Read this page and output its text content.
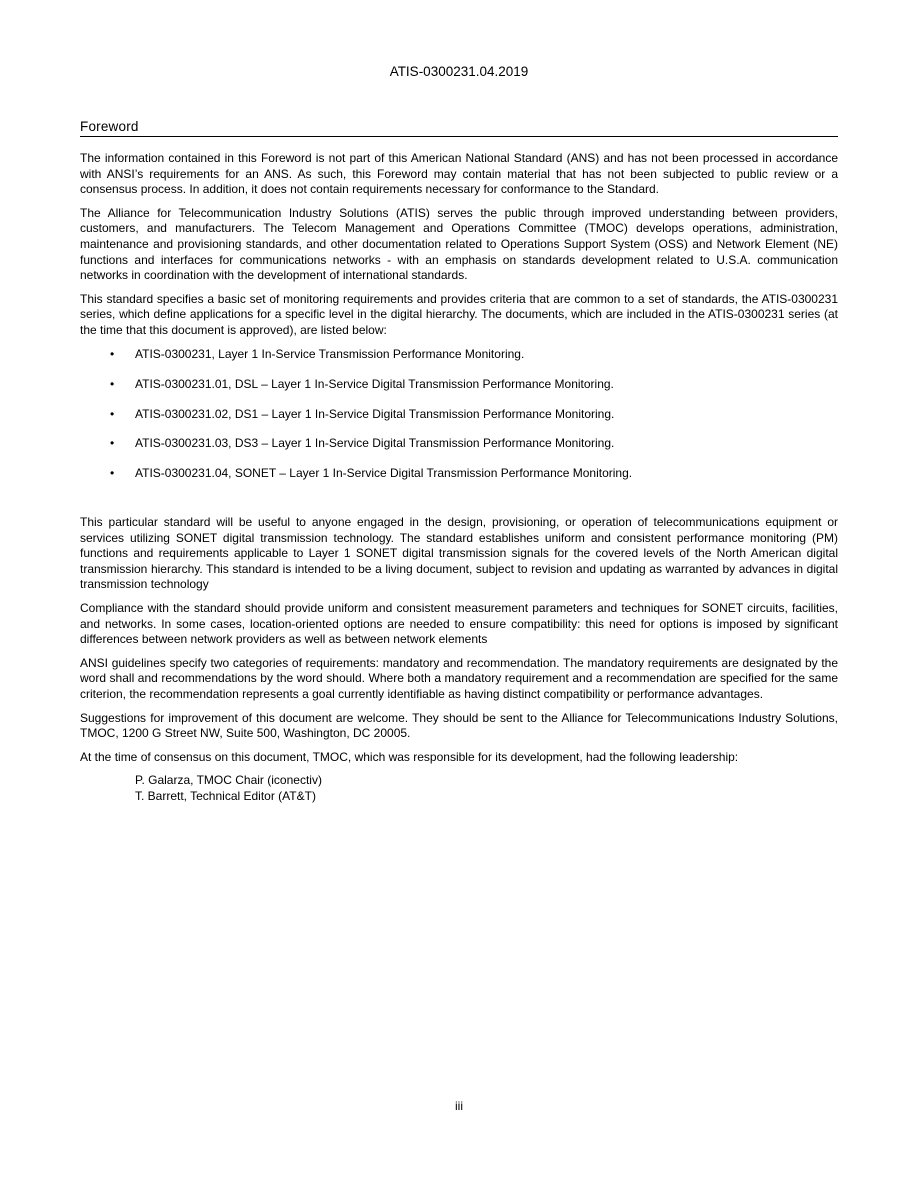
ATIS-0300231.04.2019
Foreword

The information contained in this Foreword is not part of this American National Standard (ANS) and has not been processed in accordance with ANSI’s requirements for an ANS. As such, this Foreword may contain material that has not been subjected to public review or a consensus process. In addition, it does not contain requirements necessary for conformance to the Standard.

The Alliance for Telecommunication Industry Solutions (ATIS) serves the public through improved understanding between providers, customers, and manufacturers. The Telecom Management and Operations Committee (TMOC) develops operations, administration, maintenance and provisioning standards, and other documentation related to Operations Support System (OSS) and Network Element (NE) functions and interfaces for communications networks - with an emphasis on standards development related to U.S.A. communication networks in coordination with the development of international standards.

This standard specifies a basic set of monitoring requirements and provides criteria that are common to a set of standards, the ATIS-0300231 series, which define applications for a specific level in the digital hierarchy. The documents, which are included in the ATIS-0300231 series (at the time that this document is approved), are listed below:

• ATIS-0300231, Layer 1 In-Service Transmission Performance Monitoring.
• ATIS-0300231.01, DSL – Layer 1 In-Service Digital Transmission Performance Monitoring.
• ATIS-0300231.02, DS1 – Layer 1 In-Service Digital Transmission Performance Monitoring.
• ATIS-0300231.03, DS3 – Layer 1 In-Service Digital Transmission Performance Monitoring.
• ATIS-0300231.04, SONET – Layer 1 In-Service Digital Transmission Performance Monitoring.

This particular standard will be useful to anyone engaged in the design, provisioning, or operation of telecommunications equipment or services utilizing SONET digital transmission technology. The standard establishes uniform and consistent performance monitoring (PM) functions and requirements applicable to Layer 1 SONET digital transmission signals for the covered levels of the North American digital transmission hierarchy. This standard is intended to be a living document, subject to revision and updating as warranted by advances in digital transmission technology

Compliance with the standard should provide uniform and consistent measurement parameters and techniques for SONET circuits, facilities, and networks. In some cases, location-oriented options are needed to ensure compatibility: this need for options is imposed by significant differences between network providers as well as between network elements

ANSI guidelines specify two categories of requirements: mandatory and recommendation. The mandatory requirements are designated by the word shall and recommendations by the word should. Where both a mandatory requirement and a recommendation are specified for the same criterion, the recommendation represents a goal currently identifiable as having distinct compatibility or performance advantages.

Suggestions for improvement of this document are welcome. They should be sent to the Alliance for Telecommunications Industry Solutions, TMOC, 1200 G Street NW, Suite 500, Washington, DC 20005.

At the time of consensus on this document, TMOC, which was responsible for its development, had the following leadership:

P. Galarza, TMOC Chair (iconectiv)
T. Barrett, Technical Editor (AT&T)
iii
